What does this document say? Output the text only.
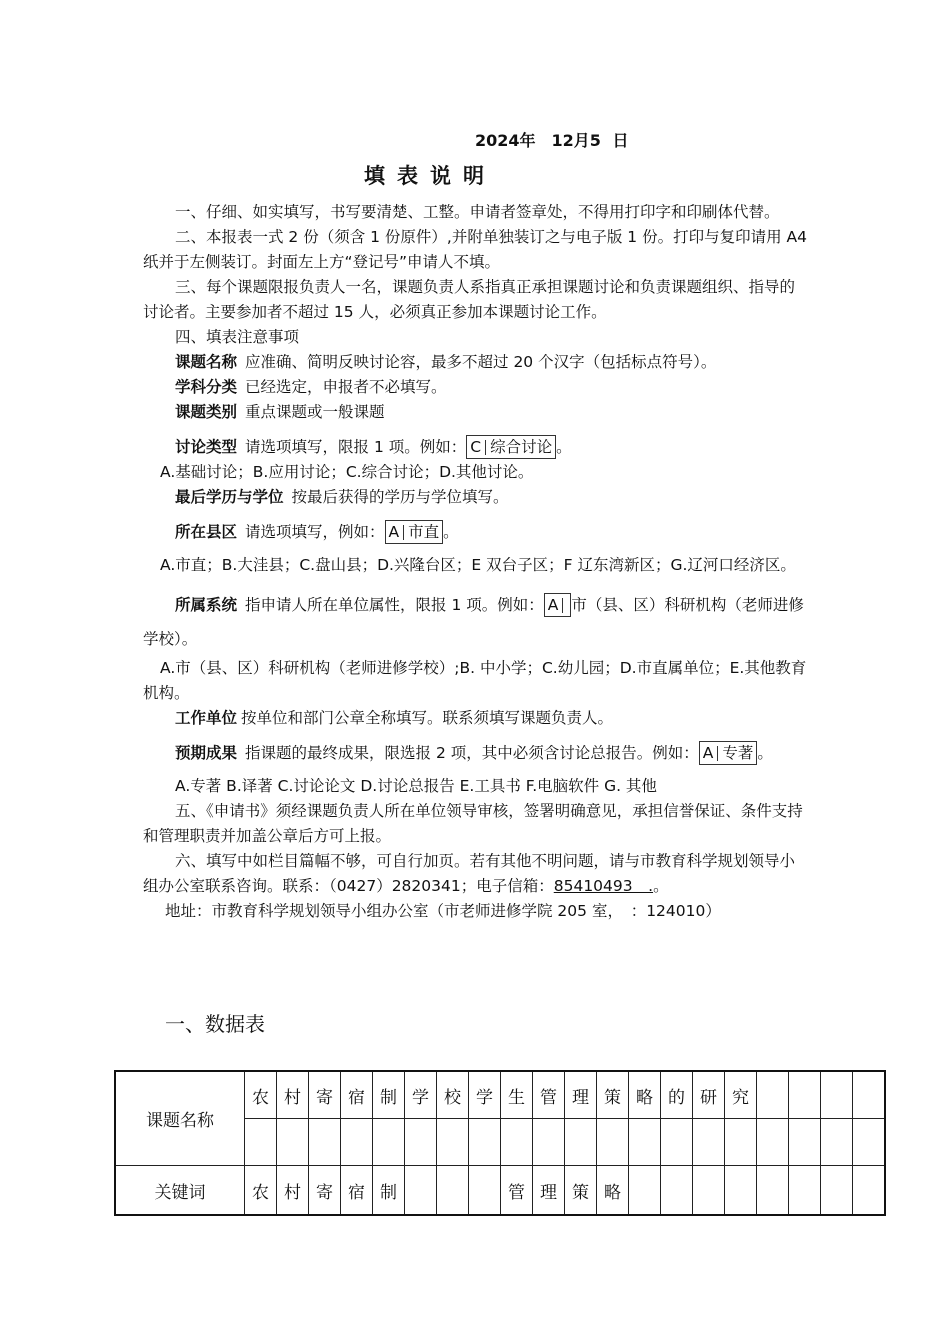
2024年　12月5 日
填表说明

一、仔细、如实填写，书写要清楚、工整。申请者签章处，不得用打印字和印刷体代替。

二、本报表一式 2 份（须含 1 份原件）,并附单独装订之与电子版 1 份。打印与复印请用 A4 纸并于左侧装订。封面左上方“登记号”申请人不填。

三、每个课题限报负责人一名，课题负责人系指真正承担课题讨论和负责课题组织、指导的讨论者。主要参加者不超过 15 人，必须真正参加本课题讨论工作。

四、填表注意事项

课题名称 应准确、简明反映讨论容，最多不超过 20 个汉字（包括标点符号）。

学科分类 已经选定，申报者不必填写。

课题类别 重点课题或一般课题

讨论类型 请选项填写，限报 1 项。例如： C 综合讨论 。

A.基础讨论；B.应用讨论；C.综合讨论；D.其他讨论。

最后学历与学位 按最后获得的学历与学位填写。

所在县区 请选项填写，例如： A 市直 。

A.市直；B.大洼县；C.盘山县；D.兴隆台区；E 双台子区；F 辽东湾新区；G.辽河口经济区。

所属系统 指申请人所在单位属性，限报 1 项。例如： A 市（县、区）科研机构（老师进修学校）。

A.市（县、区）科研机构（老师进修学校）;B. 中小学；C.幼儿园；D.市直属单位；E.其他教育机构。

工作单位 按单位和部门公章全称填写。联系须填写课题负责人。

预期成果 指课题的最终成果，限选报 2 项，其中必须含讨论总报告。例如： A 专著 。

A.专著 B.译著 C.讨论论文 D.讨论总报告 E.工具书 F.电脑软件 G. 其他

五、《申请书》须经课题负责人所在单位领导审核，签署明确意见，承担信誉保证、条件支持和管理职责并加盖公章后方可上报。

六、填写中如栏目篇幅不够，可自行加页。若有其他不明问题，请与市教育科学规划领导小组办公室联系咨询。联系：（0427）2820341；电子信箱：85410493　.。

地址：市教育科学规划领导小组办公室（市老师进修学院 205 室，　：124010）

一、数据表
课题名称	农	村	寄	宿	制	学	校	学	生	管	理	策	略	的	研	究				

关键词	农	村	寄	宿	制				管	理	策	略								
